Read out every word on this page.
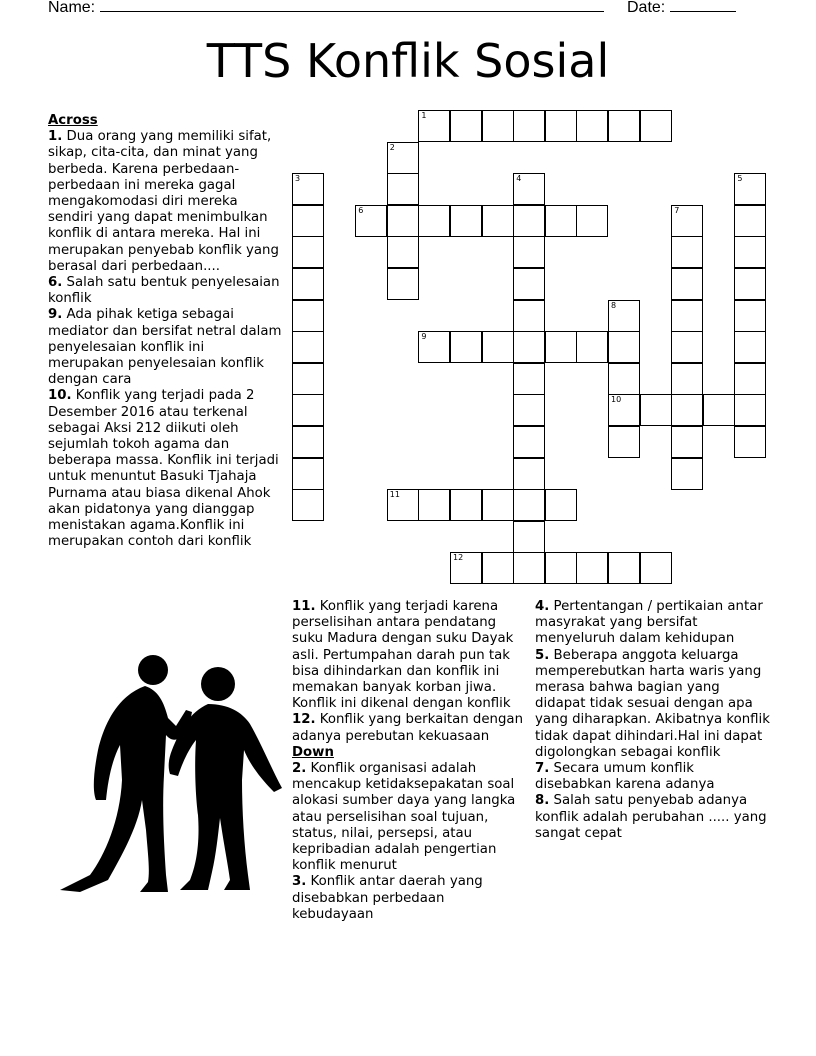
Name:	Date:
TTS Konflik Sosial
Across
1. Dua orang yang memiliki sifat, sikap, cita-cita, dan minat yang berbeda. Karena perbedaan-perbedaan ini mereka gagal mengakomodasi diri mereka sendiri yang dapat menimbulkan konflik di antara mereka. Hal ini merupakan penyebab konflik yang berasal dari perbedaan....
6. Salah satu bentuk penyelesaian konflik
9. Ada pihak ketiga sebagai mediator dan bersifat netral dalam penyelesaian konflik ini merupakan penyelesaian konflik dengan cara
10. Konflik yang terjadi pada 2 Desember 2016 atau terkenal sebagai Aksi 212 diikuti oleh sejumlah tokoh agama dan beberapa massa. Konflik ini terjadi untuk menuntut Basuki Tjahaja Purnama atau biasa dikenal Ahok akan pidatonya yang dianggap menistakan agama.Konflik ini merupakan contoh dari konflik
11. Konflik yang terjadi karena perselisihan antara pendatang suku Madura dengan suku Dayak asli. Pertumpahan darah pun tak bisa dihindarkan dan konflik ini memakan banyak korban jiwa. Konflik ini dikenal dengan konflik
12. Konflik yang berkaitan dengan adanya perebutan kekuasaan
Down
2. Konflik organisasi adalah mencakup ketidaksepakatan soal alokasi sumber daya yang langka atau perselisihan soal tujuan, status, nilai, persepsi, atau kepribadian adalah pengertian konflik menurut
3. Konflik antar daerah yang disebabkan perbedaan kebudayaan
4. Pertentangan / pertikaian antar masyrakat yang bersifat menyeluruh dalam kehidupan
5. Beberapa anggota keluarga memperebutkan harta waris yang merasa bahwa bagian yang didapat tidak sesuai dengan apa yang diharapkan. Akibatnya konflik tidak dapat dihindari.Hal ini dapat digolongkan sebagai konflik
7. Secara umum konflik disebabkan karena adanya
8. Salah satu penyebab adanya konflik adalah perubahan ..... yang sangat cepat
1
6
9
10
11
12
2
3	4	5
7
8
